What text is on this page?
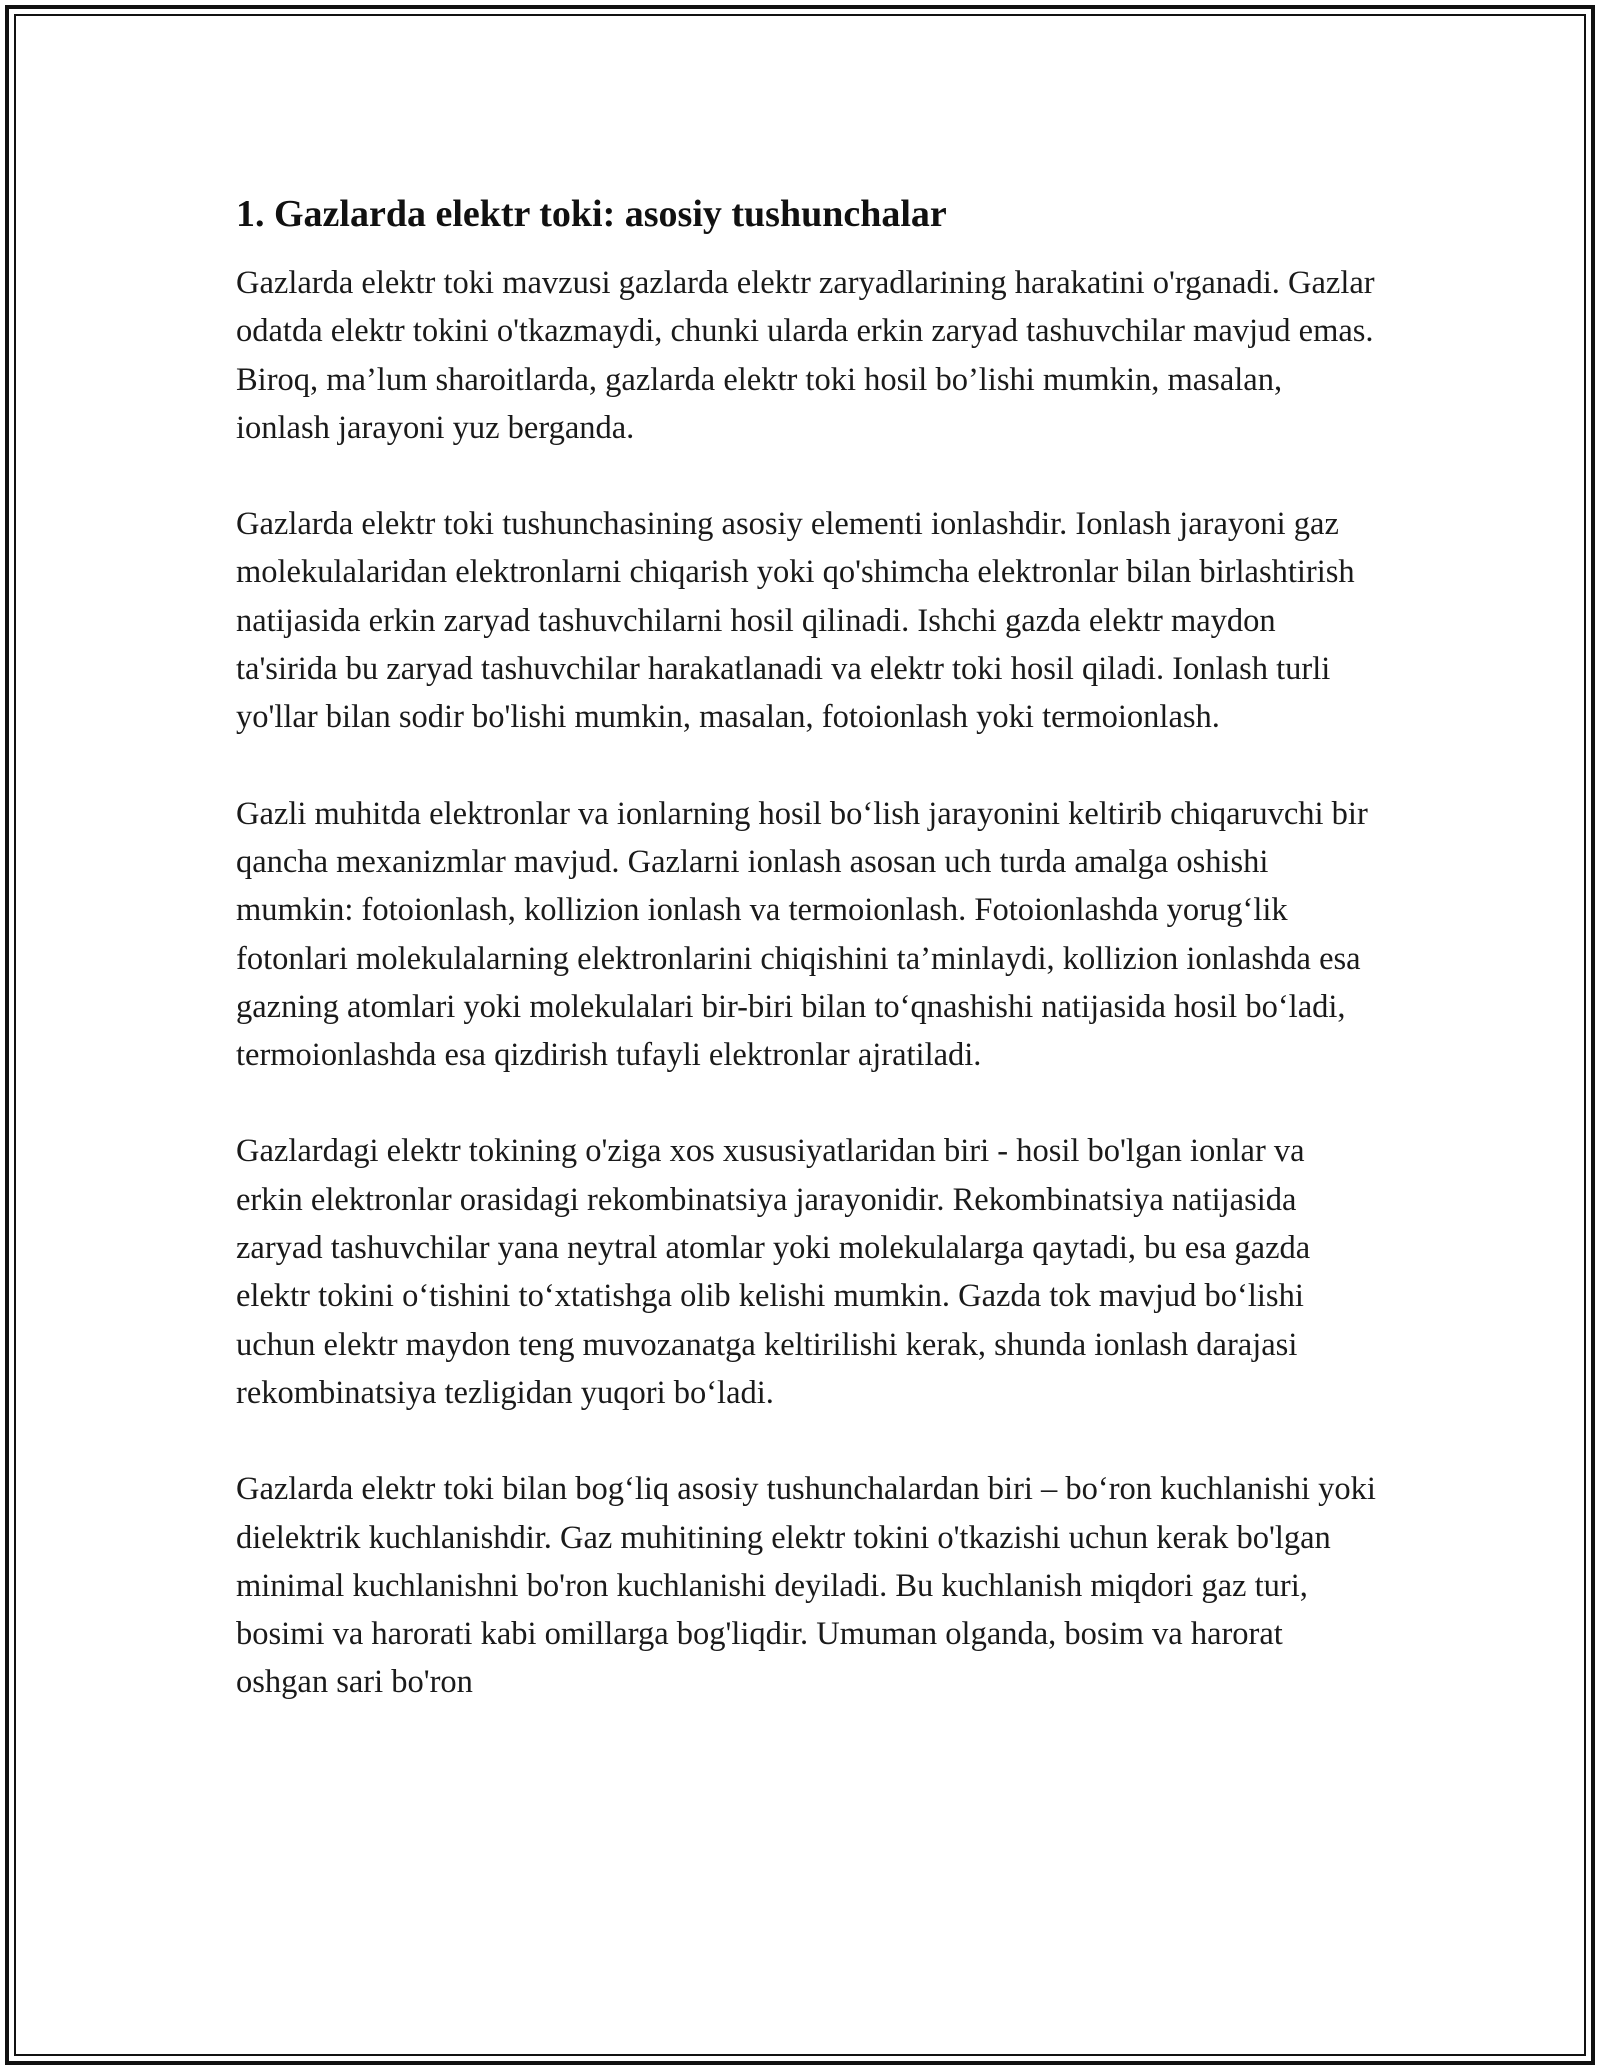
1. Gazlarda elektr toki: asosiy tushunchalar

Gazlarda elektr toki mavzusi gazlarda elektr zaryadlarining harakatini o'rganadi. Gazlar odatda elektr tokini o'tkazmaydi, chunki ularda erkin zaryad tashuvchilar mavjud emas. Biroq, ma’lum sharoitlarda, gazlarda elektr toki hosil bo’lishi mumkin, masalan, ionlash jarayoni yuz berganda.

Gazlarda elektr toki tushunchasining asosiy elementi ionlashdir. Ionlash jarayoni gaz molekulalaridan elektronlarni chiqarish yoki qo'shimcha elektronlar bilan birlashtirish natijasida erkin zaryad tashuvchilarni hosil qilinadi. Ishchi gazda elektr maydon ta'sirida bu zaryad tashuvchilar harakatlanadi va elektr toki hosil qiladi. Ionlash turli yo'llar bilan sodir bo'lishi mumkin, masalan, fotoionlash yoki termoionlash.

Gazli muhitda elektronlar va ionlarning hosil bo‘lish jarayonini keltirib chiqaruvchi bir qancha mexanizmlar mavjud. Gazlarni ionlash asosan uch turda amalga oshishi mumkin: fotoionlash, kollizion ionlash va termoionlash. Fotoionlashda yorug‘lik fotonlari molekulalarning elektronlarini chiqishini ta’minlaydi, kollizion ionlashda esa gazning atomlari yoki molekulalari bir-biri bilan to‘qnashishi natijasida hosil bo‘ladi, termoionlashda esa qizdirish tufayli elektronlar ajratiladi.

Gazlardagi elektr tokining o'ziga xos xususiyatlaridan biri - hosil bo'lgan ionlar va erkin elektronlar orasidagi rekombinatsiya jarayonidir. Rekombinatsiya natijasida zaryad tashuvchilar yana neytral atomlar yoki molekulalarga qaytadi, bu esa gazda elektr tokini o‘tishini to‘xtatishga olib kelishi mumkin. Gazda tok mavjud bo‘lishi uchun elektr maydon teng muvozanatga keltirilishi kerak, shunda ionlash darajasi rekombinatsiya tezligidan yuqori bo‘ladi.

Gazlarda elektr toki bilan bog‘liq asosiy tushunchalardan biri – bo‘ron kuchlanishi yoki dielektrik kuchlanishdir. Gaz muhitining elektr tokini o'tkazishi uchun kerak bo'lgan minimal kuchlanishni bo'ron kuchlanishi deyiladi. Bu kuchlanish miqdori gaz turi, bosimi va harorati kabi omillarga bog'liqdir. Umuman olganda, bosim va harorat oshgan sari bo'ron
